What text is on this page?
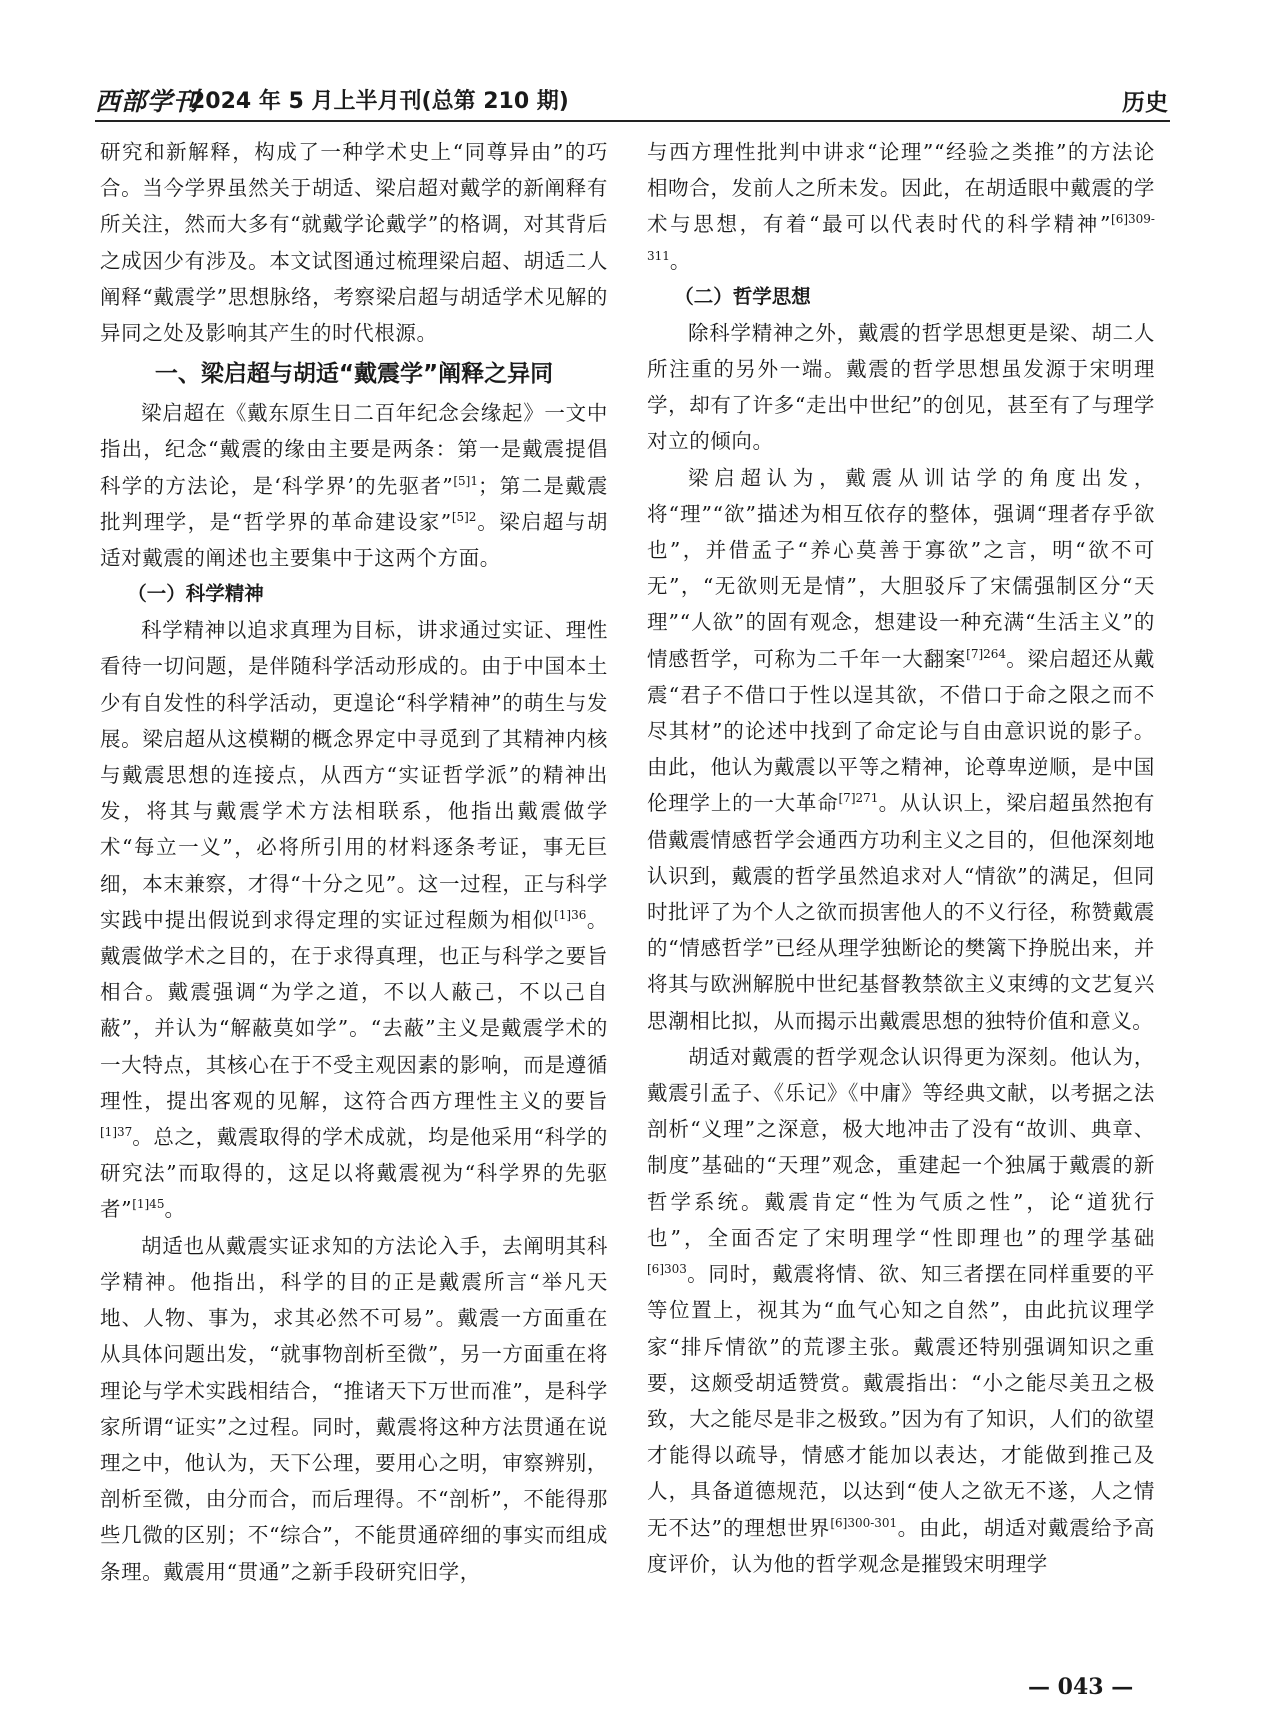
西部学刊
2024 年 5 月上半月刊(总第 210 期)	历史

研究和新解释，构成了一种学术史上“同尊异由”的巧合。当今学界虽然关于胡适、梁启超对戴学的新阐释有所关注，然而大多有“就戴学论戴学”的格调，对其背后之成因少有涉及。本文试图通过梳理梁启超、胡适二人阐释“戴震学”思想脉络，考察梁启超与胡适学术见解的异同之处及影响其产生的时代根源。

一、梁启超与胡适“戴震学”阐释之异同

梁启超在《戴东原生日二百年纪念会缘起》一文中指出，纪念“戴震的缘由主要是两条：第一是戴震提倡科学的方法论，是‘科学界’的先驱者”$^{[5]1}$；第二是戴震批判理学，是“哲学界的革命建设家”$^{[5]2}$。梁启超与胡适对戴震的阐述也主要集中于这两个方面。

（一）科学精神

科学精神以追求真理为目标，讲求通过实证、理性看待一切问题，是伴随科学活动形成的。由于中国本土少有自发性的科学活动，更遑论“科学精神”的萌生与发展。梁启超从这模糊的概念界定中寻觅到了其精神内核与戴震思想的连接点，从西方“实证哲学派”的精神出发，将其与戴震学术方法相联系，他指出戴震做学术“每立一义”，必将所引用的材料逐条考证，事无巨细，本末兼察，才得“十分之见”。这一过程，正与科学实践中提出假说到求得定理的实证过程颇为相似$^{[1]36}$。戴震做学术之目的，在于求得真理，也正与科学之要旨相合。戴震强调“为学之道，不以人蔽己，不以己自蔽”，并认为“解蔽莫如学”。“去蔽”主义是戴震学术的一大特点，其核心在于不受主观因素的影响，而是遵循理性，提出客观的见解，这符合西方理性主义的要旨$^{[1]37}$。总之，戴震取得的学术成就，均是他采用“科学的研究法”而取得的，这足以将戴震视为“科学界的先驱者”$^{[1]45}$。

胡适也从戴震实证求知的方法论入手，去阐明其科学精神。他指出，科学的目的正是戴震所言“举凡天地、人物、事为，求其必然不可易”。戴震一方面重在从具体问题出发，“就事物剖析至微”，另一方面重在将理论与学术实践相结合，“推诸天下万世而准”，是科学家所谓“证实”之过程。同时，戴震将这种方法贯通在说理之中，他认为，天下公理，要用心之明，审察辨别，剖析至微，由分而合，而后理得。不“剖析”，不能得那些几微的区别；不“综合”，不能贯通碎细的事实而组成条理。戴震用“贯通”之新手段研究旧学，

与西方理性批判中讲求“论理”“经验之类推”的方法论相吻合，发前人之所未发。因此，在胡适眼中戴震的学术与思想，有着“最可以代表时代的科学精神”$^{[6]309-311}$。

（二）哲学思想

除科学精神之外，戴震的哲学思想更是梁、胡二人所注重的另外一端。戴震的哲学思想虽发源于宋明理学，却有了许多“走出中世纪”的创见，甚至有了与理学对立的倾向。

梁启超认为，戴震从训诂学的角度出发，将“理”“欲”描述为相互依存的整体，强调“理者存乎欲也”，并借孟子“养心莫善于寡欲”之言，明“欲不可无”，“无欲则无是情”，大胆驳斥了宋儒强制区分“天理”“人欲”的固有观念，想建设一种充满“生活主义”的情感哲学，可称为二千年一大翻案$^{[7]264}$。梁启超还从戴震“君子不借口于性以逞其欲，不借口于命之限之而不尽其材”的论述中找到了命定论与自由意识说的影子。由此，他认为戴震以平等之精神，论尊卑逆顺，是中国伦理学上的一大革命$^{[7]271}$。从认识上，梁启超虽然抱有借戴震情感哲学会通西方功利主义之目的，但他深刻地认识到，戴震的哲学虽然追求对人“情欲”的满足，但同时批评了为个人之欲而损害他人的不义行径，称赞戴震的“情感哲学”已经从理学独断论的樊篱下挣脱出来，并将其与欧洲解脱中世纪基督教禁欲主义束缚的文艺复兴思潮相比拟，从而揭示出戴震思想的独特价值和意义。

胡适对戴震的哲学观念认识得更为深刻。他认为，戴震引孟子、《乐记》《中庸》等经典文献，以考据之法剖析“义理”之深意，极大地冲击了没有“故训、典章、制度”基础的“天理”观念，重建起一个独属于戴震的新哲学系统。戴震肯定“性为气质之性”，论“道犹行也”，全面否定了宋明理学“性即理也”的理学基础$^{[6]303}$。同时，戴震将情、欲、知三者摆在同样重要的平等位置上，视其为“血气心知之自然”，由此抗议理学家“排斥情欲”的荒谬主张。戴震还特别强调知识之重要，这颇受胡适赞赏。戴震指出：“小之能尽美丑之极致，大之能尽是非之极致。”因为有了知识，人们的欲望才能得以疏导，情感才能加以表达，才能做到推己及人，具备道德规范，以达到“使人之欲无不遂，人之情无不达”的理想世界$^{[6]300-301}$。由此，胡适对戴震给予高度评价，认为他的哲学观念是摧毁宋明理学

— 043 —
